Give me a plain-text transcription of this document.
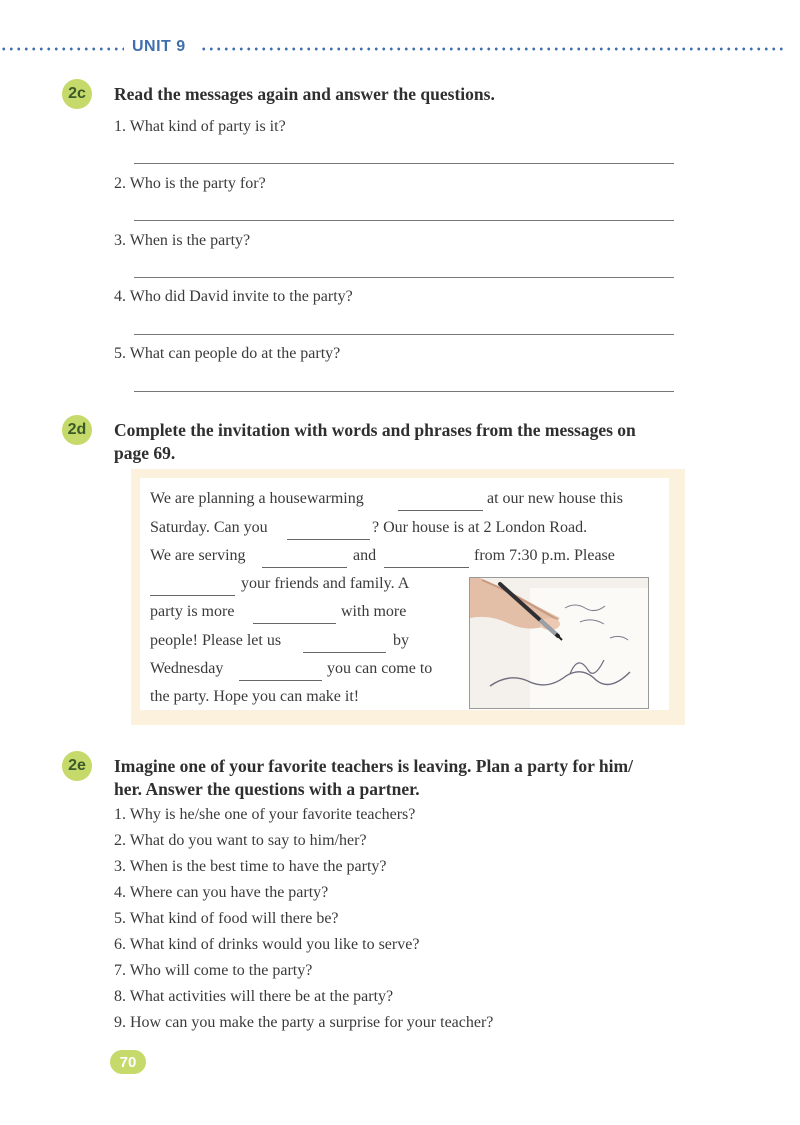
UNIT 9
2c	Read the messages again and answer the questions.
1. What kind of party is it?
2. Who is the party for?
3. When is the party?
4. Who did David invite to the party?
5. What can people do at the party?
2d	Complete the invitation with words and phrases from the messages on
page 69.
We are planning a housewarming	at our new house this
Saturday. Can you	? Our house is at 2 London Road.
We are serving	and	from 7:30 p.m. Please
your friends and family. A
party is more	with more
people! Please let us	by
Wednesday	you can come to
the party. Hope you can make it!
2e	Imagine one of your favorite teachers is leaving. Plan a party for him/
her. Answer the questions with a partner.
1. Why is he/she one of your favorite teachers?
2. What do you want to say to him/her?
3. When is the best time to have the party?
4. Where can you have the party?
5. What kind of food will there be?
6. What kind of drinks would you like to serve?
7. Who will come to the party?
8. What activities will there be at the party?
9. How can you make the party a surprise for your teacher?
70
